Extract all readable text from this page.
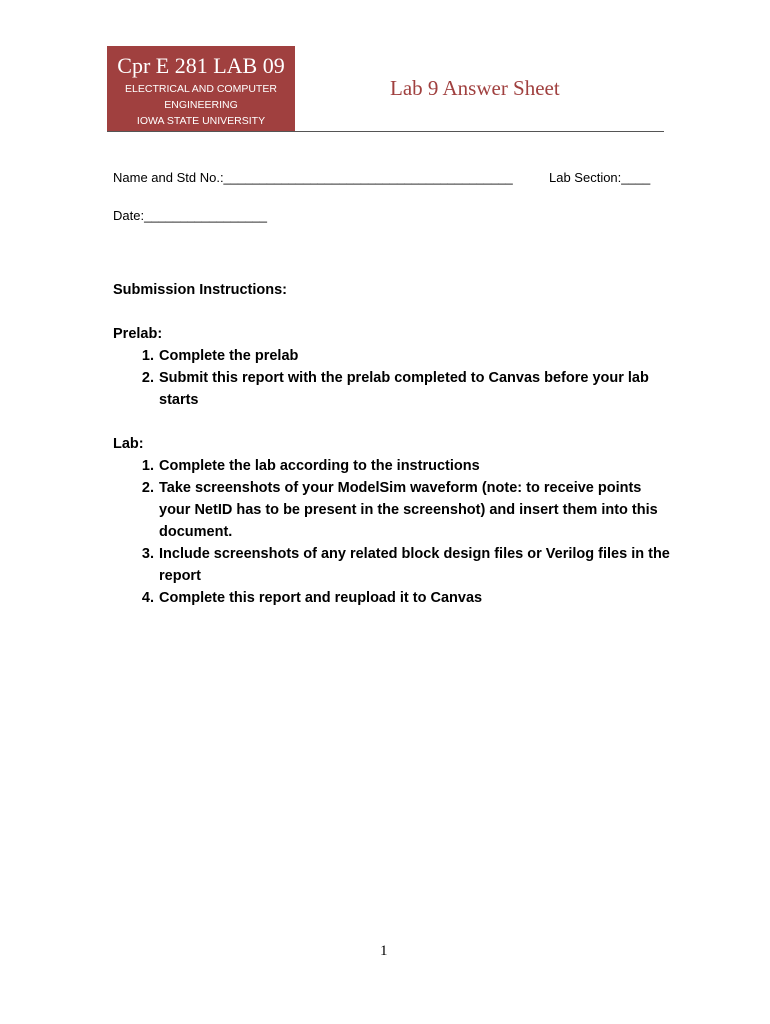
Cpr E 281 LAB 09
ELECTRICAL AND COMPUTER ENGINEERING
IOWA STATE UNIVERSITY
Lab 9 Answer Sheet
Name and Std No.:________________________________________	Lab Section:____
Date:_________________
Submission Instructions:
Prelab:
1. Complete the prelab
2. Submit this report with the prelab completed to Canvas before your lab starts
Lab:
1. Complete the lab according to the instructions
2. Take screenshots of your ModelSim waveform (note: to receive points your NetID has to be present in the screenshot) and insert them into this document.
3. Include screenshots of any related block design files or Verilog files in the report
4. Complete this report and reupload it to Canvas
1
